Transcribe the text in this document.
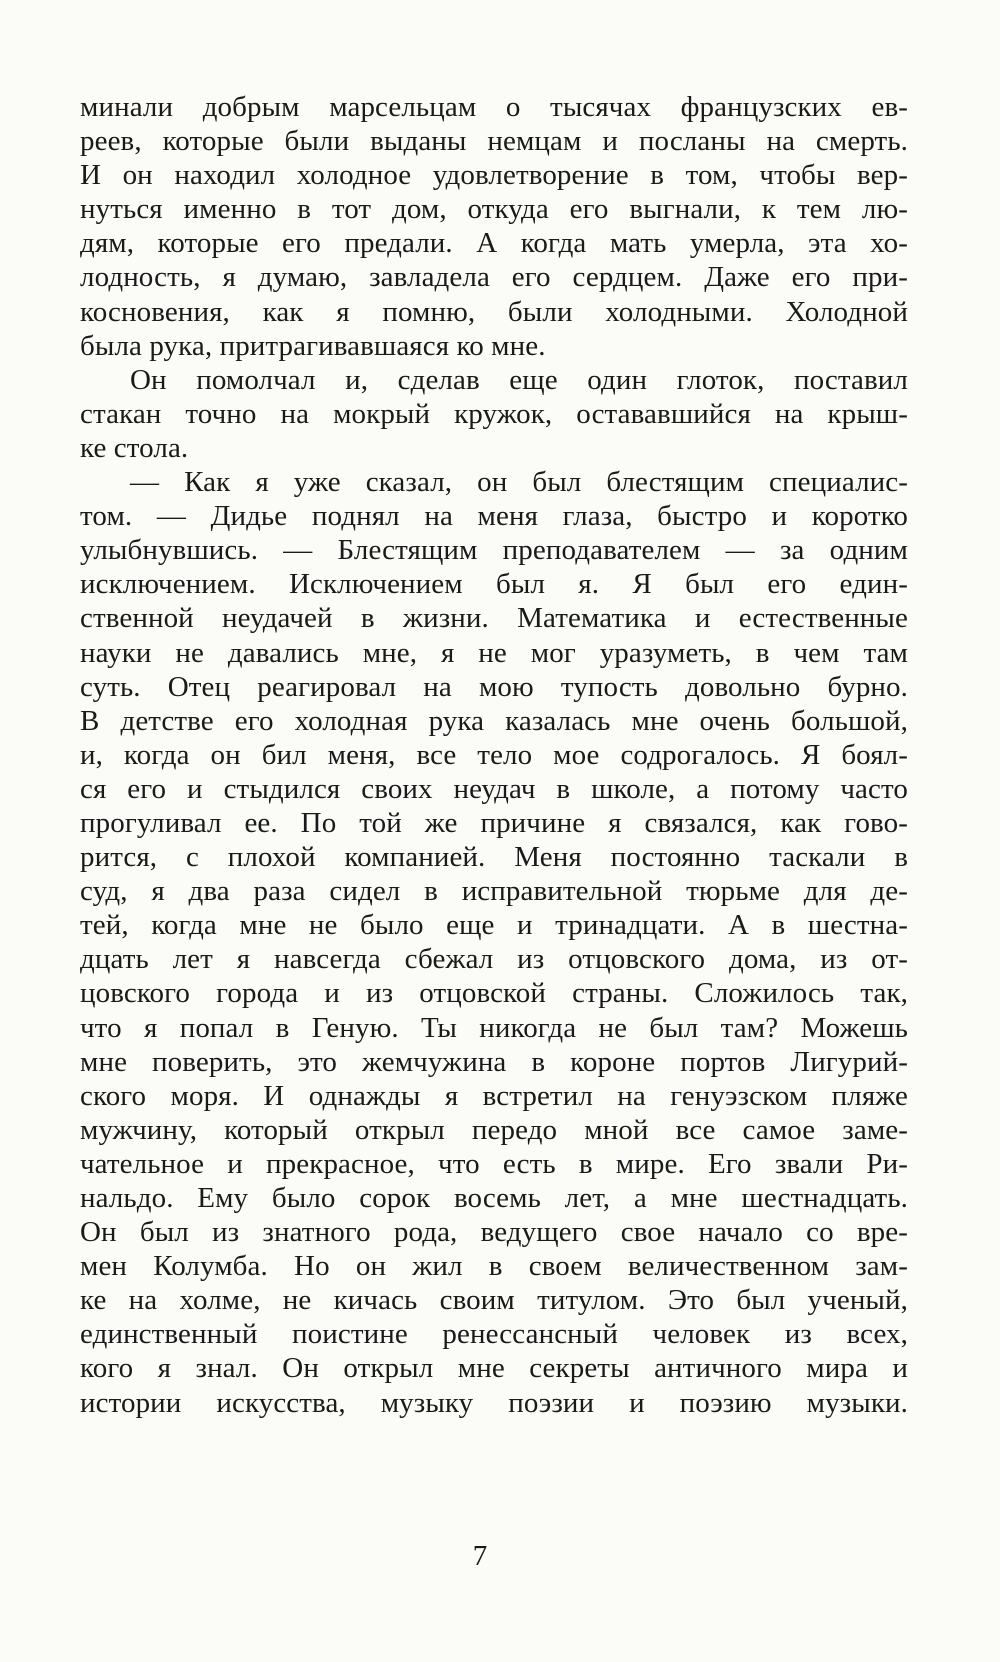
минали добрым марсельцам о тысячах французских ев-
реев, которые были выданы немцам и посланы на смерть.
И он находил холодное удовлетворение в том, чтобы вер-
нуться именно в тот дом, откуда его выгнали, к тем лю-
дям, которые его предали. А когда мать умерла, эта хо-
лодность, я думаю, завладела его сердцем. Даже его при-
косновения, как я помню, были холодными. Холодной
была рука, притрагивавшаяся ко мне.
Он помолчал и, сделав еще один глоток, поставил
стакан точно на мокрый кружок, остававшийся на крыш-
ке стола.
— Как я уже сказал, он был блестящим специалис-
том. — Дидье поднял на меня глаза, быстро и коротко
улыбнувшись. — Блестящим преподавателем — за одним
исключением. Исключением был я. Я был его един-
ственной неудачей в жизни. Математика и естественные
науки не давались мне, я не мог уразуметь, в чем там
суть. Отец реагировал на мою тупость довольно бурно.
В детстве его холодная рука казалась мне очень большой,
и, когда он бил меня, все тело мое содрогалось. Я боял-
ся его и стыдился своих неудач в школе, а потому часто
прогуливал ее. По той же причине я связался, как гово-
рится, с плохой компанией. Меня постоянно таскали в
суд, я два раза сидел в исправительной тюрьме для де-
тей, когда мне не было еще и тринадцати. А в шестна-
дцать лет я навсегда сбежал из отцовского дома, из от-
цовского города и из отцовской страны. Сложилось так,
что я попал в Геную. Ты никогда не был там? Можешь
мне поверить, это жемчужина в короне портов Лигурий-
ского моря. И однажды я встретил на генуэзском пляже
мужчину, который открыл передо мной все самое заме-
чательное и прекрасное, что есть в мире. Его звали Ри-
нальдо. Ему было сорок восемь лет, а мне шестнадцать.
Он был из знатного рода, ведущего свое начало со вре-
мен Колумба. Но он жил в своем величественном зам-
ке на холме, не кичась своим титулом. Это был ученый,
единственный поистине ренессансный человек из всех,
кого я знал. Он открыл мне секреты античного мира и
истории искусства, музыку поэзии и поэзию музыки.
7
